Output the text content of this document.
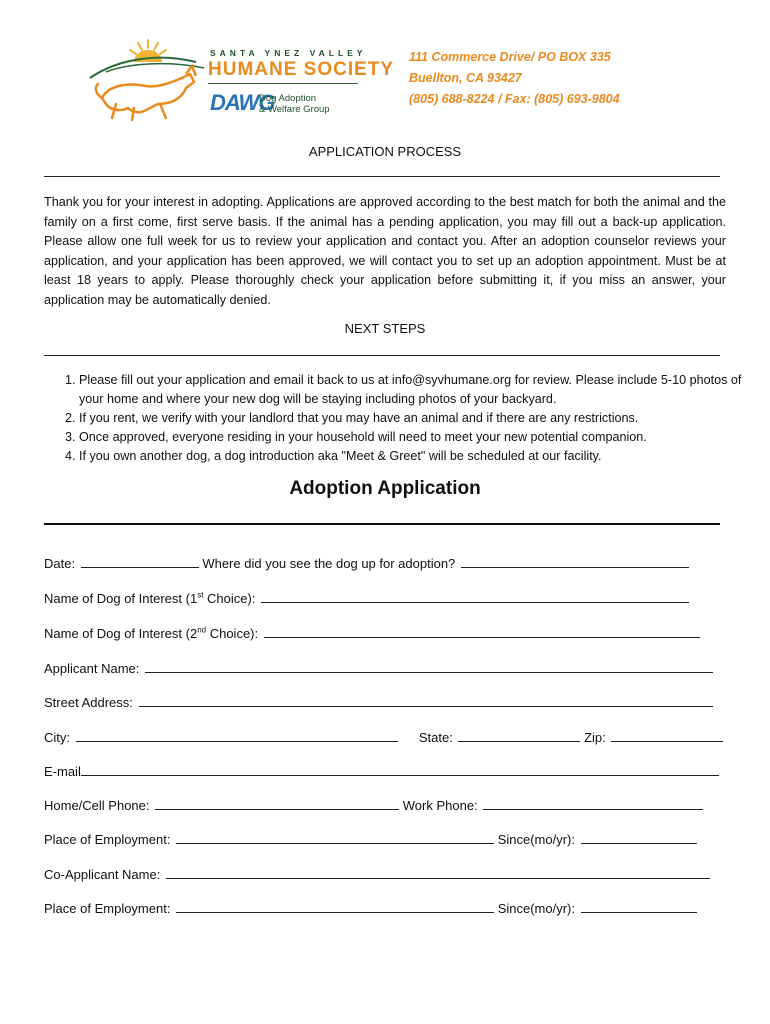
SANTA YNEZ VALLEY
HUMANE SOCIETY
DAWG
Dog Adoption
& Welfare Group
111 Commerce Drive/ PO BOX 335
Buellton, CA 93427
(805) 688-8224 / Fax: (805) 693-9804
APPLICATION PROCESS
Thank you for your interest in adopting. Applications are approved according to the best match for both the animal and the family on a first come, first serve basis. If the animal has a pending application, you may fill out a back-up application. Please allow one full week for us to review your application and contact you. After an adoption counselor reviews your application, and your application has been approved, we will contact you to set up an adoption appointment. Must be at least 18 years to apply. Please thoroughly check your application before submitting it, if you miss an answer, your application may be automatically denied.
NEXT STEPS
1. Please fill out your application and email it back to us at info@syvhumane.org for review. Please include 5-10 photos of your home and where your new dog will be staying including photos of your backyard.
2. If you rent, we verify with your landlord that you may have an animal and if there are any restrictions.
3. Once approved, everyone residing in your household will need to meet your new potential companion.
4. If you own another dog, a dog introduction aka "Meet & Greet" will be scheduled at our facility.
Adoption Application
Date:	Where did you see the dog up for adoption?
Name of Dog of Interest (1st Choice):
Name of Dog of Interest (2nd Choice):
Applicant Name:
Street Address:
City:	State:	Zip:
E-mail
Home/Cell Phone:	Work Phone:
Place of Employment:	Since(mo/yr):
Co-Applicant Name:
Place of Employment:	Since(mo/yr):
